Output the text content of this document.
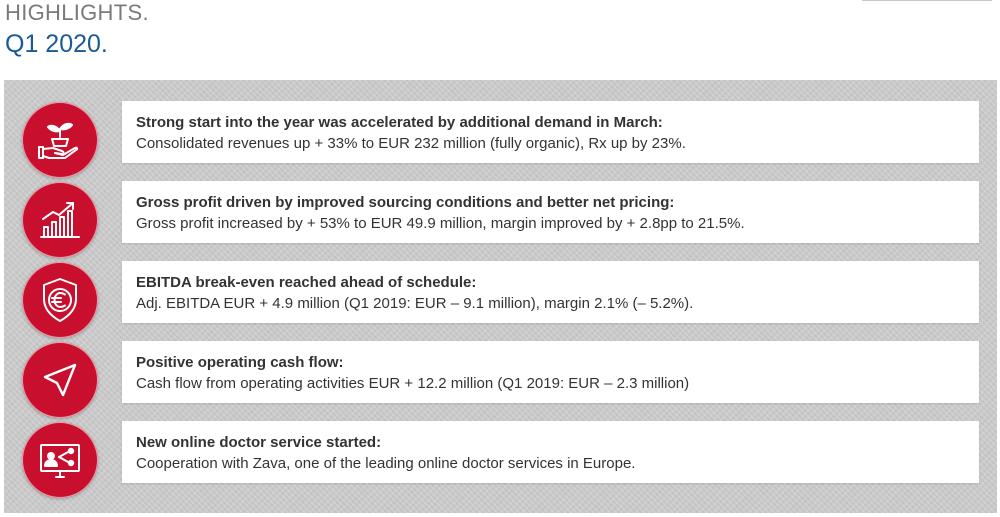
HIGHLIGHTS.
Q1 2020.
Strong start into the year was accelerated by additional demand in March:
Consolidated revenues up + 33% to EUR 232 million (fully organic), Rx up by 23%.
Gross profit driven by improved sourcing conditions and better net pricing:
Gross profit increased by + 53% to EUR 49.9 million, margin improved by + 2.8pp to 21.5%.
EBITDA break-even reached ahead of schedule:
Adj. EBITDA EUR + 4.9 million (Q1 2019: EUR – 9.1 million), margin 2.1% (– 5.2%).
Positive operating cash flow:
Cash flow from operating activities EUR + 12.2 million (Q1 2019: EUR – 2.3 million)
New online doctor service started:
Cooperation with Zava, one of the leading online doctor services in Europe.
